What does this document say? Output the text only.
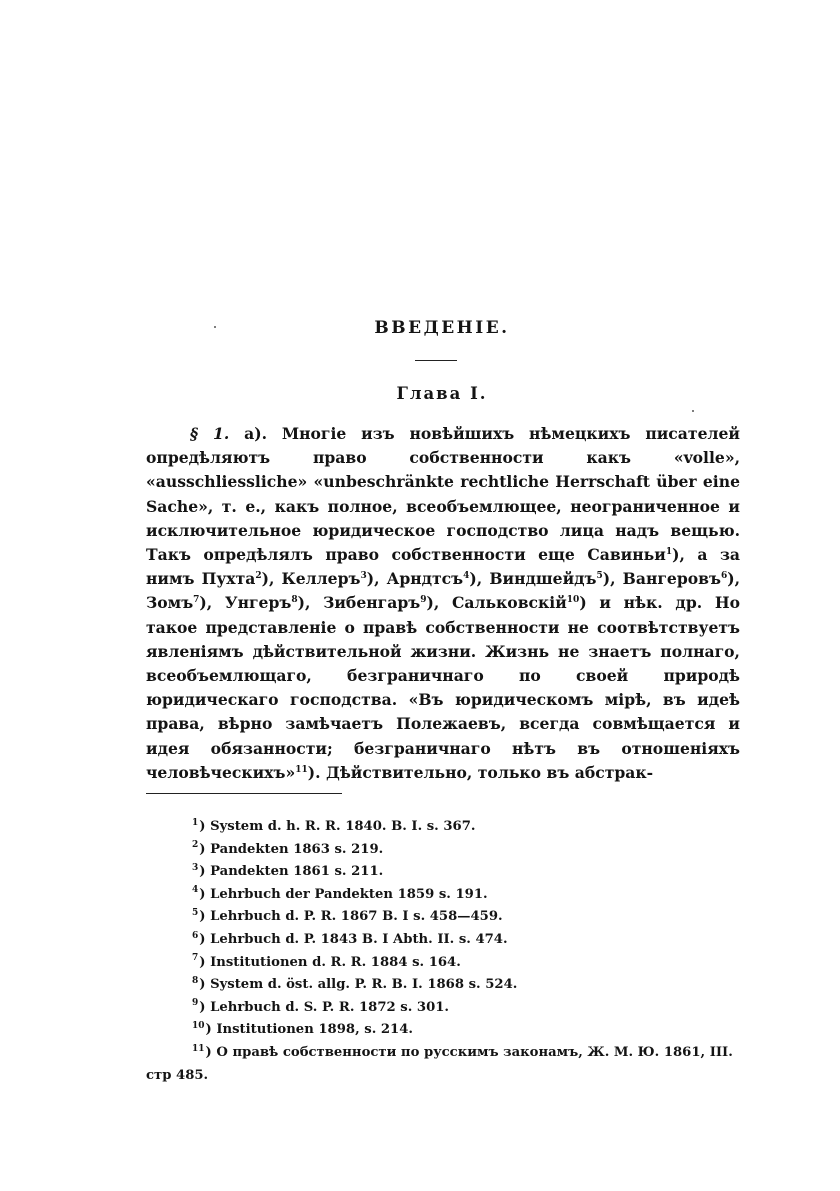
ВВЕДЕНІЕ.
Глава I.

§ 1. a). Многіе изъ новѣйшихъ нѣмецкихъ писателей опредѣляютъ право собственности какъ «volle», «ausschliessliche» «unbeschränkte rechtliche Herrschaft über eine Sache», т. е., какъ полное, всеобъемлющее, неограниченное и исключительное юридическое господство лица надъ вещью. Такъ опредѣлялъ право собственности еще Савиньи$^1$), а за нимъ Пухта$^2$), Келлеръ$^3$), Арндтсъ$^4$), Виндшейдъ$^5$), Вангеровъ$^6$), Зомъ$^7$), Унгеръ$^8$), Зибенгаръ$^9$), Сальковскій$^{10}$) и нѣк. др. Но такое представленіе о правѣ собственности не соотвѣтствуетъ явленіямъ дѣйствительной жизни. Жизнь не знаетъ полнаго, всеобъемлющаго, безграничнаго по своей природѣ юридическаго господства. «Въ юридическомъ мірѣ, въ идеѣ права, вѣрно замѣчаетъ Полежаевъ, всегда совмѣщается и идея обязанности; безграничнаго нѣтъ въ отношеніяхъ человѣческихъ»$^{11}$). Дѣйствительно, только въ абстрак-

$^1$) System d. h. R. R. 1840. B. I. s. 367.
$^2$) Pandekten 1863 s. 219.
$^3$) Pandekten 1861 s. 211.
$^4$) Lehrbuch der Pandekten 1859 s. 191.
$^5$) Lehrbuch d. P. R. 1867 B. I s. 458—459.
$^6$) Lehrbuch d. P. 1843 B. I Abth. II. s. 474.
$^7$) Institutionen d. R. R. 1884 s. 164.
$^8$) System d. öst. allg. P. R. B. I. 1868 s. 524.
$^9$) Lehrbuch d. S. P. R. 1872 s. 301.
$^{10}$) Institutionen 1898, s. 214.
$^{11}$) О правѣ собственности по русскимъ законамъ, Ж. М. Ю. 1861, III. стр 485.
